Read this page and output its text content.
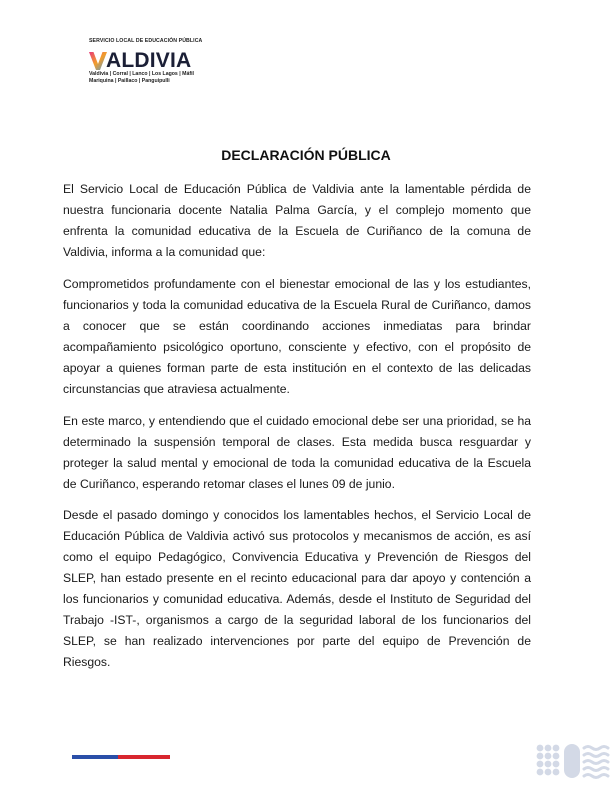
SERVICIO LOCAL DE EDUCACIÓN PÚBLICA
ALDIVIA
Valdivia | Corral | Lanco | Los Lagos | Máfil
Mariquina | Paillaco | Panguipulli
DECLARACIÓN PÚBLICA

El Servicio Local de Educación Pública de Valdivia ante la lamentable pérdida de nuestra funcionaria docente Natalia Palma García, y el complejo momento que enfrenta la comunidad educativa de la Escuela de Curiñanco de la comuna de Valdivia, informa a la comunidad que:

Comprometidos profundamente con el bienestar emocional de las y los estudiantes, funcionarios y toda la comunidad educativa de la Escuela Rural de Curiñanco, damos a conocer que se están coordinando acciones inmediatas para brindar acompañamiento psicológico oportuno, consciente y efectivo, con el propósito de apoyar a quienes forman parte de esta institución en el contexto de las delicadas circunstancias que atraviesa actualmente.

En este marco, y entendiendo que el cuidado emocional debe ser una prioridad, se ha determinado la suspensión temporal de clases. Esta medida busca resguardar y proteger la salud mental y emocional de toda la comunidad educativa de la Escuela de Curiñanco, esperando retomar clases el lunes 09 de junio.

Desde el pasado domingo y conocidos los lamentables hechos, el Servicio Local de Educación Pública de Valdivia activó sus protocolos y mecanismos de acción, es así como el equipo Pedagógico, Convivencia Educativa y Prevención de Riesgos del SLEP, han estado presente en el recinto educacional para dar apoyo y contención a los funcionarios y comunidad educativa. Además, desde el Instituto de Seguridad del Trabajo -IST-, organismos a cargo de la seguridad laboral de los funcionarios del SLEP, se han realizado intervenciones por parte del equipo de Prevención de Riesgos.
